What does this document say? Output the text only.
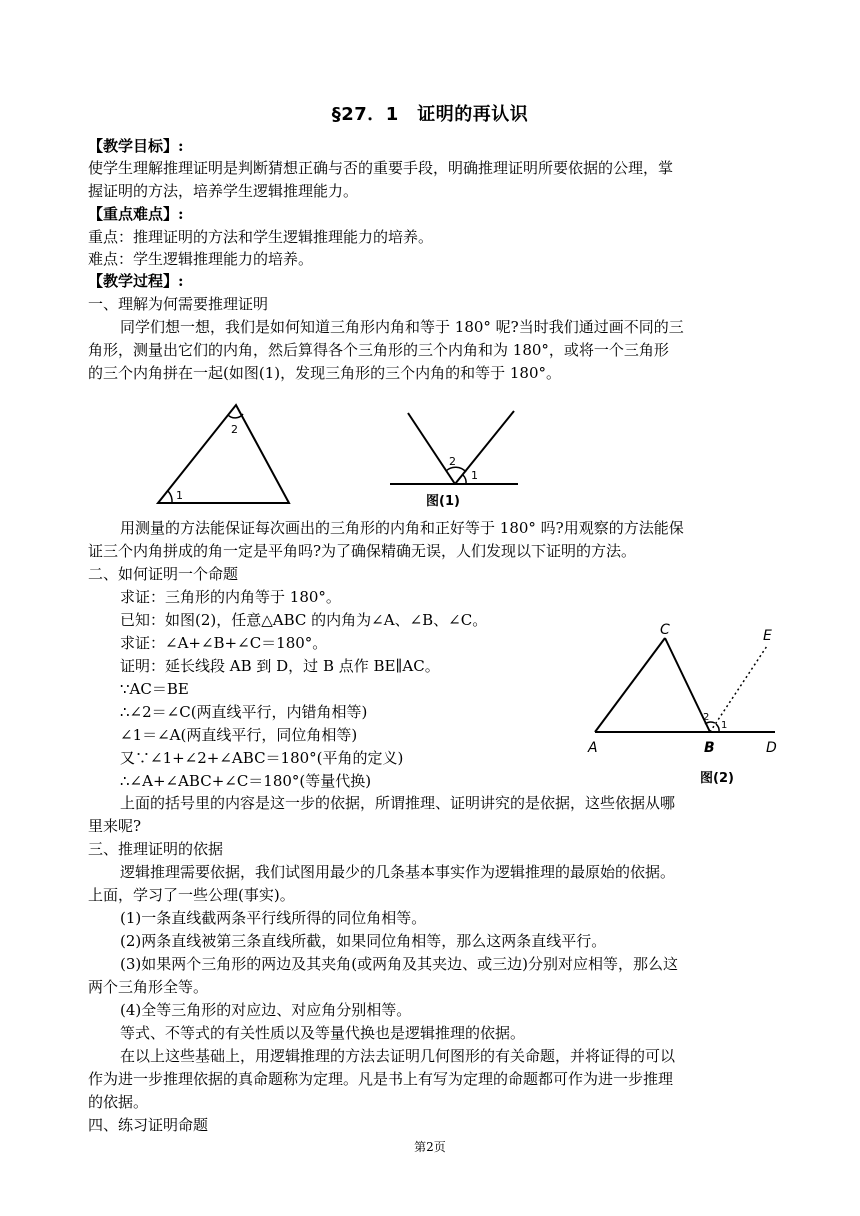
§27．1　证明的再认识
【教学目标】:
使学生理解推理证明是判断猜想正确与否的重要手段，明确推理证明所要依据的公理，掌
握证明的方法，培养学生逻辑推理能力。
【重点难点】:
重点：推理证明的方法和学生逻辑推理能力的培养。
难点：学生逻辑推理能力的培养。
【教学过程】:
一、理解为何需要推理证明
同学们想一想，我们是如何知道三角形内角和等于 180° 呢?当时我们通过画不同的三
角形，测量出它们的内角，然后算得各个三角形的三个内角和为 180°，或将一个三角形
的三个内角拼在一起(如图(1)，发现三角形的三个内角的和等于 180°。
1
2
2
1
图(1)
用测量的方法能保证每次画出的三角形的内角和正好等于 180° 吗?用观察的方法能保
证三个内角拼成的角一定是平角吗?为了确保精确无误，人们发现以下证明的方法。
二、如何证明一个命题
求证：三角形的内角等于 180°。
已知：如图(2)，任意△ABC 的内角为∠A、∠B、∠C。
求证：∠A+∠B+∠C＝180°。
证明：延长线段 AB 到 D，过 B 点作 BE∥AC。
∵AC＝BE
∴∠2＝∠C(两直线平行，内错角相等)
∠1＝∠A(两直线平行，同位角相等)
又∵∠1+∠2+∠ABC＝180°(平角的定义)
∴∠A+∠ABC+∠C＝180°(等量代换)
2
1
A	B
C
D
E
图(2)
上面的括号里的内容是这一步的依据，所谓推理、证明讲究的是依据，这些依据从哪
里来呢?
三、推理证明的依据
逻辑推理需要依据，我们试图用最少的几条基本事实作为逻辑推理的最原始的依据。
上面，学习了一些公理(事实)。
(1)一条直线截两条平行线所得的同位角相等。
(2)两条直线被第三条直线所截，如果同位角相等，那么这两条直线平行。
(3)如果两个三角形的两边及其夹角(或两角及其夹边、或三边)分别对应相等，那么这
两个三角形全等。
(4)全等三角形的对应边、对应角分别相等。
等式、不等式的有关性质以及等量代换也是逻辑推理的依据。
在以上这些基础上，用逻辑推理的方法去证明几何图形的有关命题，并将证得的可以
作为进一步推理依据的真命题称为定理。凡是书上有写为定理的命题都可作为进一步推理
的依据。
四、练习证明命题
第2页
